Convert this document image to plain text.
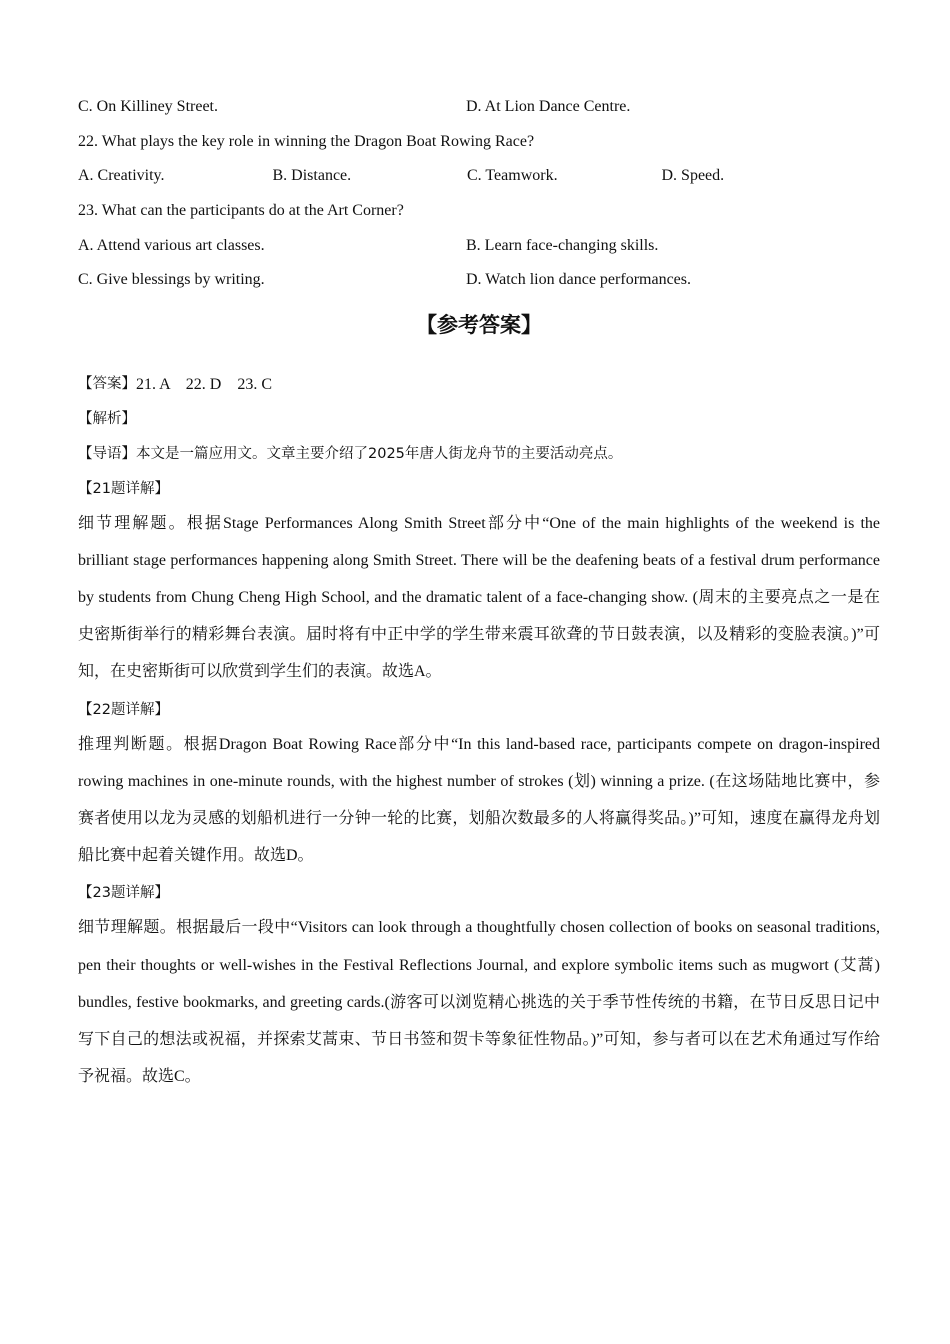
C. On Killiney Street.	D. At Lion Dance Centre.
22. What plays the key role in winning the Dragon Boat Rowing Race?
A. Creativity.	B. Distance.	C. Teamwork.	D. Speed.
23. What can the participants do at the Art Corner?
A. Attend various art classes.	B. Learn face-changing skills.
C. Give blessings by writing.	D. Watch lion dance performances.
【参考答案】
【答案】 21. A　22. D　23. C
【解析】
【导语】 本文是一篇应用文。文章主要介绍了2025年唐人街龙舟节的主要活动亮点。
【21题详解】

细节理解题。根据Stage Performances Along Smith Street部分中“One of the main highlights of the weekend is the brilliant stage performances happening along Smith Street. There will be the deafening beats of a festival drum performance by students from Chung Cheng High School, and the dramatic talent of a face-changing show. (周末的主要亮点之一是在史密斯街举行的精彩舞台表演。届时将有中正中学的学生带来震耳欲聋的节日鼓表演，以及精彩的变脸表演。)”可知，在史密斯街可以欣赏到学生们的表演。故选A。

【22题详解】

推理判断题。根据Dragon Boat Rowing Race部分中“In this land-based race, participants compete on dragon-inspired rowing machines in one-minute rounds, with the highest number of strokes (划) winning a prize. (在这场陆地比赛中，参赛者使用以龙为灵感的划船机进行一分钟一轮的比赛，划船次数最多的人将赢得奖品。)”可知，速度在赢得龙舟划船比赛中起着关键作用。故选D。

【23题详解】

细节理解题。根据最后一段中“Visitors can look through a thoughtfully chosen collection of books on seasonal traditions, pen their thoughts or well-wishes in the Festival Reflections Journal, and explore symbolic items such as mugwort (艾蒿) bundles, festive bookmarks, and greeting cards.(游客可以浏览精心挑选的关于季节性传统的书籍，在节日反思日记中写下自己的想法或祝福，并探索艾蒿束、节日书签和贺卡等象征性物品。)”可知，参与者可以在艺术角通过写作给予祝福。故选C。
